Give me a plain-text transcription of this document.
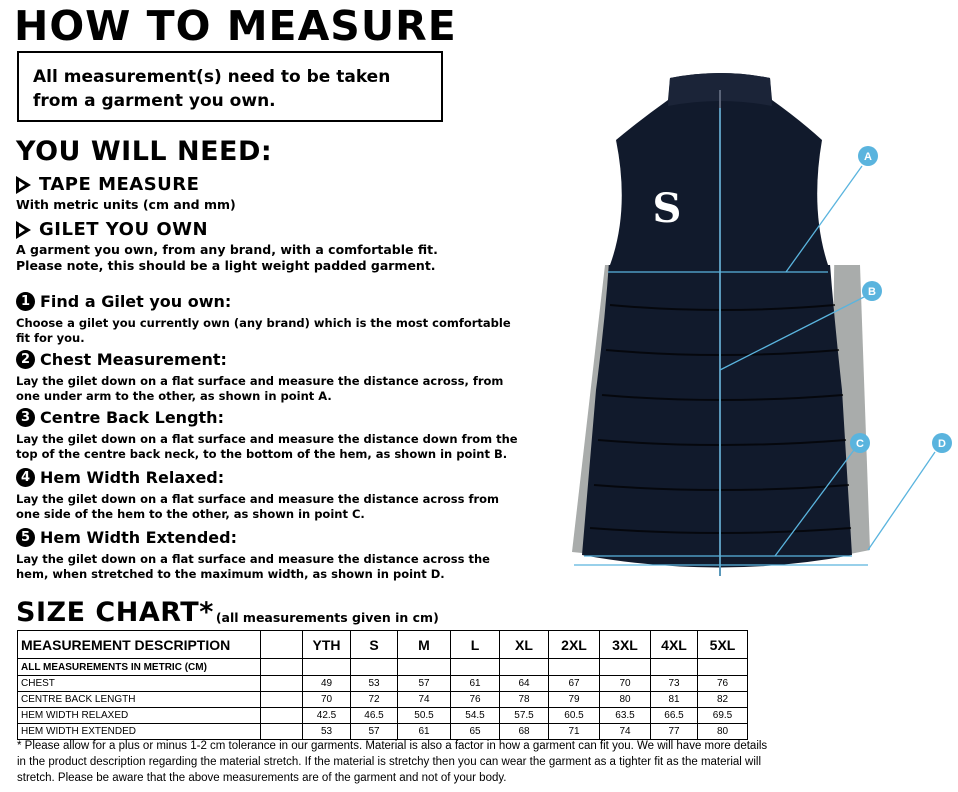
HOW TO MEASURE
All measurement(s) need to be taken from a garment you own.
YOU WILL NEED:
TAPE MEASURE
With metric units (cm and mm)
GILET YOU OWN
A garment you own, from any brand, with a comfortable fit. Please note, this should be a light weight padded garment.
1 Find a Gilet you own:
Choose a gilet you currently own (any brand) which is the most comfortable fit for you.
2 Chest Measurement:
Lay the gilet down on a flat surface and measure the distance across, from one under arm to the other, as shown in point A.
3 Centre Back Length:
Lay the gilet down on a flat surface and measure the distance down from the top of the centre back neck, to the bottom of the hem, as shown in point B.
4 Hem Width Relaxed:
Lay the gilet down on a flat surface and measure the distance across from one side of the hem to the other, as shown in point C.
5 Hem Width Extended:
Lay the gilet down on a flat surface and measure the distance across the hem, when stretched to the maximum width, as shown in point D.
SIZE CHART* (all measurements given in cm)
MEASUREMENT DESCRIPTION		YTH	S	M	L	XL	2XL	3XL	4XL	5XL
ALL MEASUREMENTS IN METRIC (CM)										
CHEST		49	53	57	61	64	67	70	73	76
CENTRE BACK LENGTH		70	72	74	76	78	79	80	81	82
HEM WIDTH RELAXED		42.5	46.5	50.5	54.5	57.5	60.5	63.5	66.5	69.5
HEM WIDTH EXTENDED		53	57	61	65	68	71	74	77	80
* Please allow for a plus or minus 1-2 cm tolerance in our garments. Material is also a factor in how a garment can fit you. We will have more details in the product description regarding the material stretch. If the material is stretchy then you can wear the garment as a tighter fit as the material will stretch. Please be aware that the above measurements are of the garment and not of your body.
S
A
B
C	D
